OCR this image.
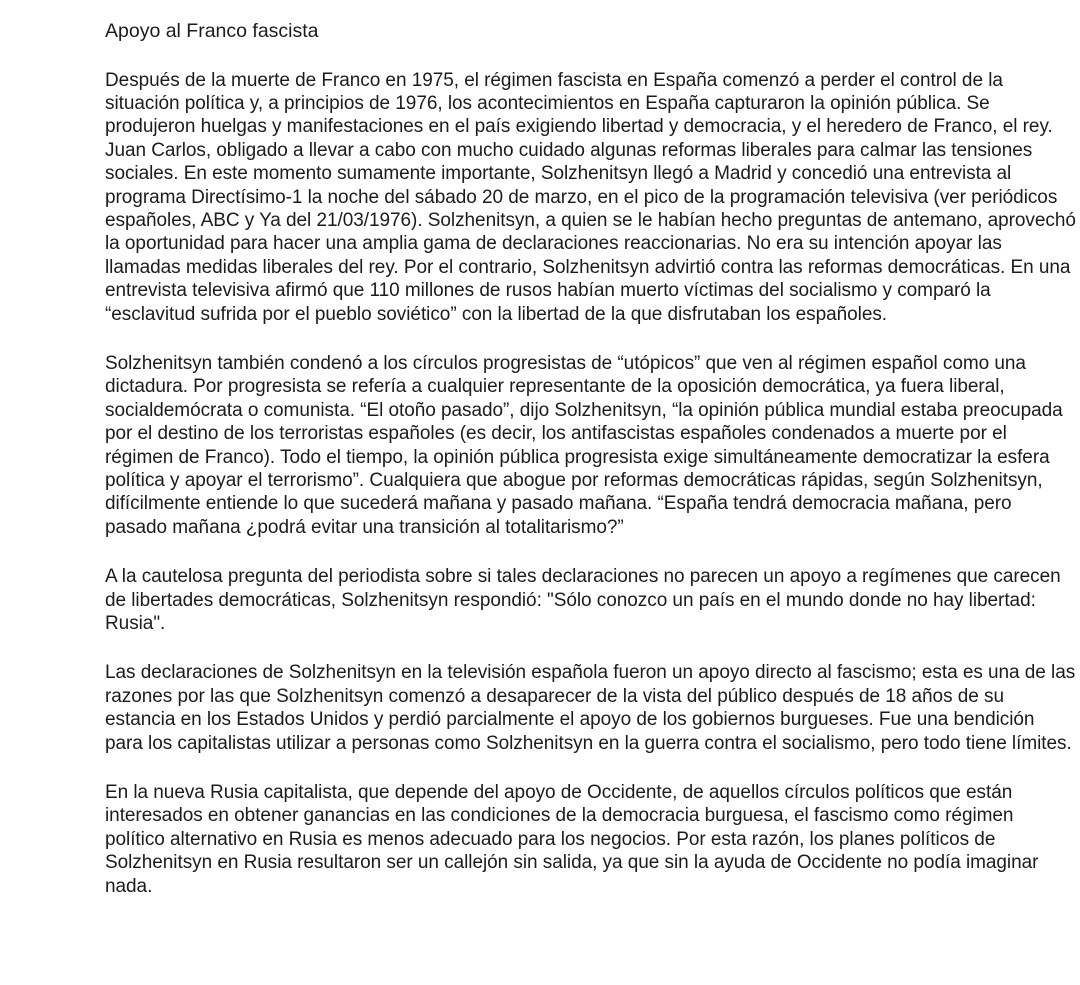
Apoyo al Franco fascista

Después de la muerte de Franco en 1975, el régimen fascista en España comenzó a perder el control de la situación política y, a principios de 1976, los acontecimientos en España capturaron la opinión pública. Se produjeron huelgas y manifestaciones en el país exigiendo libertad y democracia, y el heredero de Franco, el rey. Juan Carlos, obligado a llevar a cabo con mucho cuidado algunas reformas liberales para calmar las tensiones sociales. En este momento sumamente importante, Solzhenitsyn llegó a Madrid y concedió una entrevista al programa Directísimo-1 la noche del sábado 20 de marzo, en el pico de la programación televisiva (ver periódicos españoles, ABC y Ya del 21/03/1976). Solzhenitsyn, a quien se le habían hecho preguntas de antemano, aprovechó la oportunidad para hacer una amplia gama de declaraciones reaccionarias. No era su intención apoyar las llamadas medidas liberales del rey. Por el contrario, Solzhenitsyn advirtió contra las reformas democráticas. En una entrevista televisiva afirmó que 110 millones de rusos habían muerto víctimas del socialismo y comparó la “esclavitud sufrida por el pueblo soviético” con la libertad de la que disfrutaban los españoles.

Solzhenitsyn también condenó a los círculos progresistas de “utópicos” que ven al régimen español como una dictadura. Por progresista se refería a cualquier representante de la oposición democrática, ya fuera liberal, socialdemócrata o comunista. “El otoño pasado”, dijo Solzhenitsyn, “la opinión pública mundial estaba preocupada por el destino de los terroristas españoles (es decir, los antifascistas españoles condenados a muerte por el régimen de Franco). Todo el tiempo, la opinión pública progresista exige simultáneamente democratizar la esfera política y apoyar el terrorismo”. Cualquiera que abogue por reformas democráticas rápidas, según Solzhenitsyn, difícilmente entiende lo que sucederá mañana y pasado mañana. “España tendrá democracia mañana, pero pasado mañana ¿podrá evitar una transición al totalitarismo?”

A la cautelosa pregunta del periodista sobre si tales declaraciones no parecen un apoyo a regímenes que carecen de libertades democráticas, Solzhenitsyn respondió: "Sólo conozco un país en el mundo donde no hay libertad: Rusia".

Las declaraciones de Solzhenitsyn en la televisión española fueron un apoyo directo al fascismo; esta es una de las razones por las que Solzhenitsyn comenzó a desaparecer de la vista del público después de 18 años de su estancia en los Estados Unidos y perdió parcialmente el apoyo de los gobiernos burgueses. Fue una bendición para los capitalistas utilizar a personas como Solzhenitsyn en la guerra contra el socialismo, pero todo tiene límites.

En la nueva Rusia capitalista, que depende del apoyo de Occidente, de aquellos círculos políticos que están interesados en obtener ganancias en las condiciones de la democracia burguesa, el fascismo como régimen político alternativo en Rusia es menos adecuado para los negocios. Por esta razón, los planes políticos de Solzhenitsyn en Rusia resultaron ser un callejón sin salida, ya que sin la ayuda de Occidente no podía imaginar nada.
